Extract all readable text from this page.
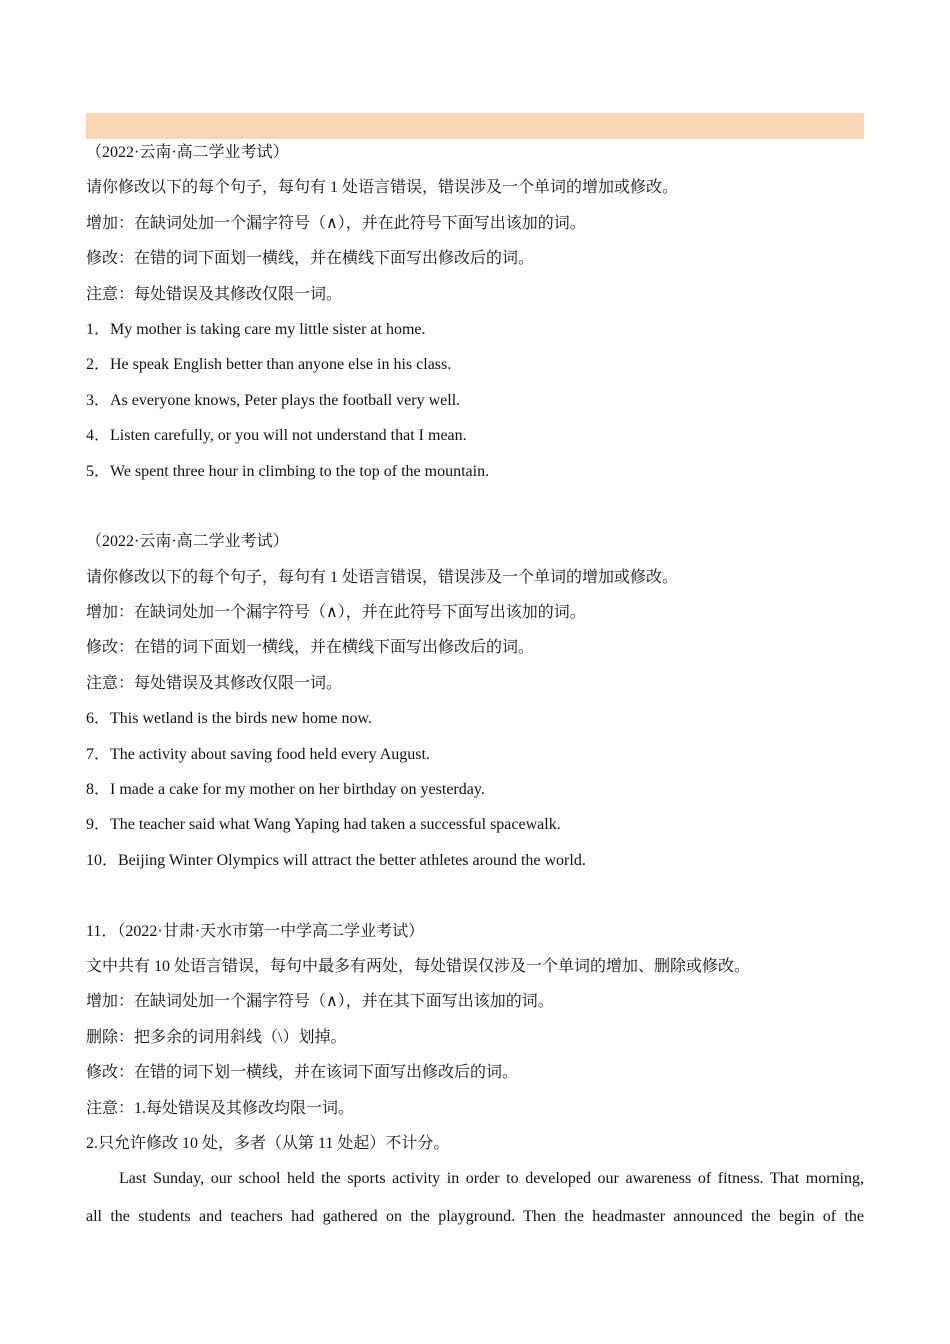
（2022·云南·高二学业考试）
请你修改以下的每个句子，每句有 1 处语言错误，错误涉及一个单词的增加或修改。
增加：在缺词处加一个漏字符号（∧），并在此符号下面写出该加的词。
修改：在错的词下面划一横线，并在横线下面写出修改后的词。
注意：每处错误及其修改仅限一词。
1．My mother is taking care my little sister at home.
2．He speak English better than anyone else in his class.
3．As everyone knows, Peter plays the football very well.
4．Listen carefully, or you will not understand that I mean.
5．We spent three hour in climbing to the top of the mountain.
（2022·云南·高二学业考试）
请你修改以下的每个句子，每句有 1 处语言错误，错误涉及一个单词的增加或修改。
增加：在缺词处加一个漏字符号（∧），并在此符号下面写出该加的词。
修改：在错的词下面划一横线，并在横线下面写出修改后的词。
注意：每处错误及其修改仅限一词。
6．This wetland is the birds new home now.
7．The activity about saving food held every August.
8．I made a cake for my mother on her birthday on yesterday.
9．The teacher said what Wang Yaping had taken a successful spacewalk.
10．Beijing Winter Olympics will attract the better athletes around the world.
11．（2022·甘肃·天水市第一中学高二学业考试）
文中共有 10 处语言错误，每句中最多有两处，每处错误仅涉及一个单词的增加、删除或修改。
增加：在缺词处加一个漏字符号（∧），并在其下面写出该加的词。
删除：把多余的词用斜线（\）划掉。
修改：在错的词下划一横线，并在该词下面写出修改后的词。
注意：1.每处错误及其修改均限一词。
2.只允许修改 10 处，多者（从第 11 处起）不计分。
Last Sunday, our school held the sports activity in order to developed our awareness of fitness. That morning,
all the students and teachers had gathered on the playground. Then the headmaster announced the begin of the
